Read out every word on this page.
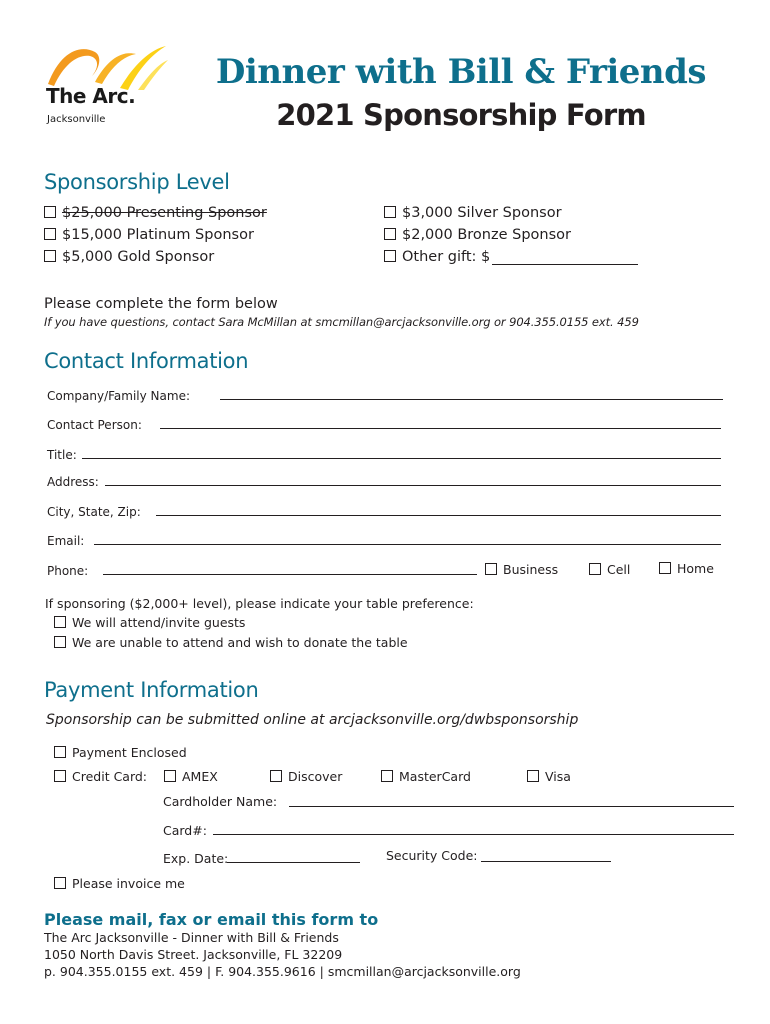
The Arc.
Jacksonville
Dinner with Bill & Friends
2021 Sponsorship Form
Sponsorship Level
$25,000 Presenting Sponsor
$15,000 Platinum Sponsor
$5,000 Gold Sponsor
$3,000 Silver Sponsor
$2,000 Bronze Sponsor
Other gift: $
Please complete the form below
If you have questions, contact Sara McMillan at smcmillan@arcjacksonville.org or 904.355.0155 ext. 459
Contact Information
Company/Family Name:
Contact Person:
Title:
Address:
City, State, Zip:
Email:
Phone:	Business	Cell	Home
If sponsoring ($2,000+ level), please indicate your table preference:
We will attend/invite guests
We are unable to attend and wish to donate the table
Payment Information
Sponsorship can be submitted online at arcjacksonville.org/dwbsponsorship
Payment Enclosed
Credit Card:	AMEX	Discover	MasterCard	Visa
Cardholder Name:
Card#:
Exp. Date:	Security Code:
Please invoice me
Please mail, fax or email this form to
The Arc Jacksonville - Dinner with Bill & Friends
1050 North Davis Street. Jacksonville, FL 32209
p. 904.355.0155 ext. 459 | F. 904.355.9616 | smcmillan@arcjacksonville.org
